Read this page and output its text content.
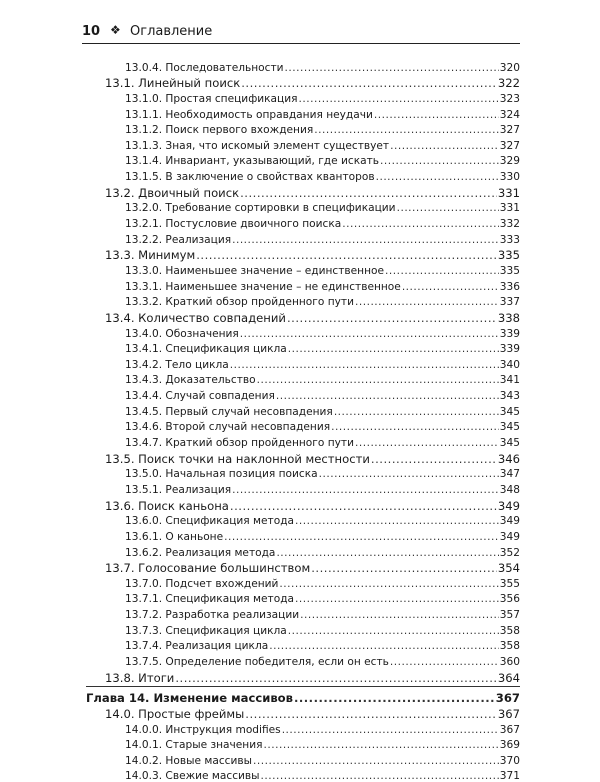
10 ❖ Оглавление
13.0.4. Последовательности .....	320
13.1. Линейный поиск .....	322
13.1.0. Простая спецификация .....	323
13.1.1. Необходимость оправдания неудачи .....	324
13.1.2. Поиск первого вхождения .....	327
13.1.3. Зная, что искомый элемент существует .....	327
13.1.4. Инвариант, указывающий, где искать .....	329
13.1.5. В заключение о свойствах кванторов .....	330
13.2. Двоичный поиск .....	331
13.2.0. Требование сортировки в спецификации .....	331
13.2.1. Постусловие двоичного поиска .....	332
13.2.2. Реализация .....	333
13.3. Минимум .....	335
13.3.0. Наименьшее значение – единственное .....	335
13.3.1. Наименьшее значение – не единственное .....	336
13.3.2. Краткий обзор пройденного пути .....	337
13.4. Количество совпадений .....	338
13.4.0. Обозначения .....	339
13.4.1. Спецификация цикла .....	339
13.4.2. Тело цикла .....	340
13.4.3. Доказательство .....	341
13.4.4. Случай совпадения .....	343
13.4.5. Первый случай несовпадения .....	345
13.4.6. Второй случай несовпадения .....	345
13.4.7. Краткий обзор пройденного пути .....	345
13.5. Поиск точки на наклонной местности .....	346
13.5.0. Начальная позиция поиска .....	347
13.5.1. Реализация .....	348
13.6. Поиск каньона .....	349
13.6.0. Спецификация метода .....	349
13.6.1. О каньоне .....	349
13.6.2. Реализация метода .....	352
13.7. Голосование большинством .....	354
13.7.0. Подсчет вхождений .....	355
13.7.1. Спецификация метода .....	356
13.7.2. Разработка реализации .....	357
13.7.3. Спецификация цикла .....	358
13.7.4. Реализация цикла .....	358
13.7.5. Определение победителя, если он есть .....	360
13.8. Итоги .....	364
Глава 14. Изменение массивов .....	367
14.0. Простые фреймы .....	367
14.0.0. Инструкция modifies .....	367
14.0.1. Старые значения .....	369
14.0.2. Новые массивы .....	370
14.0.3. Свежие массивы .....	371
